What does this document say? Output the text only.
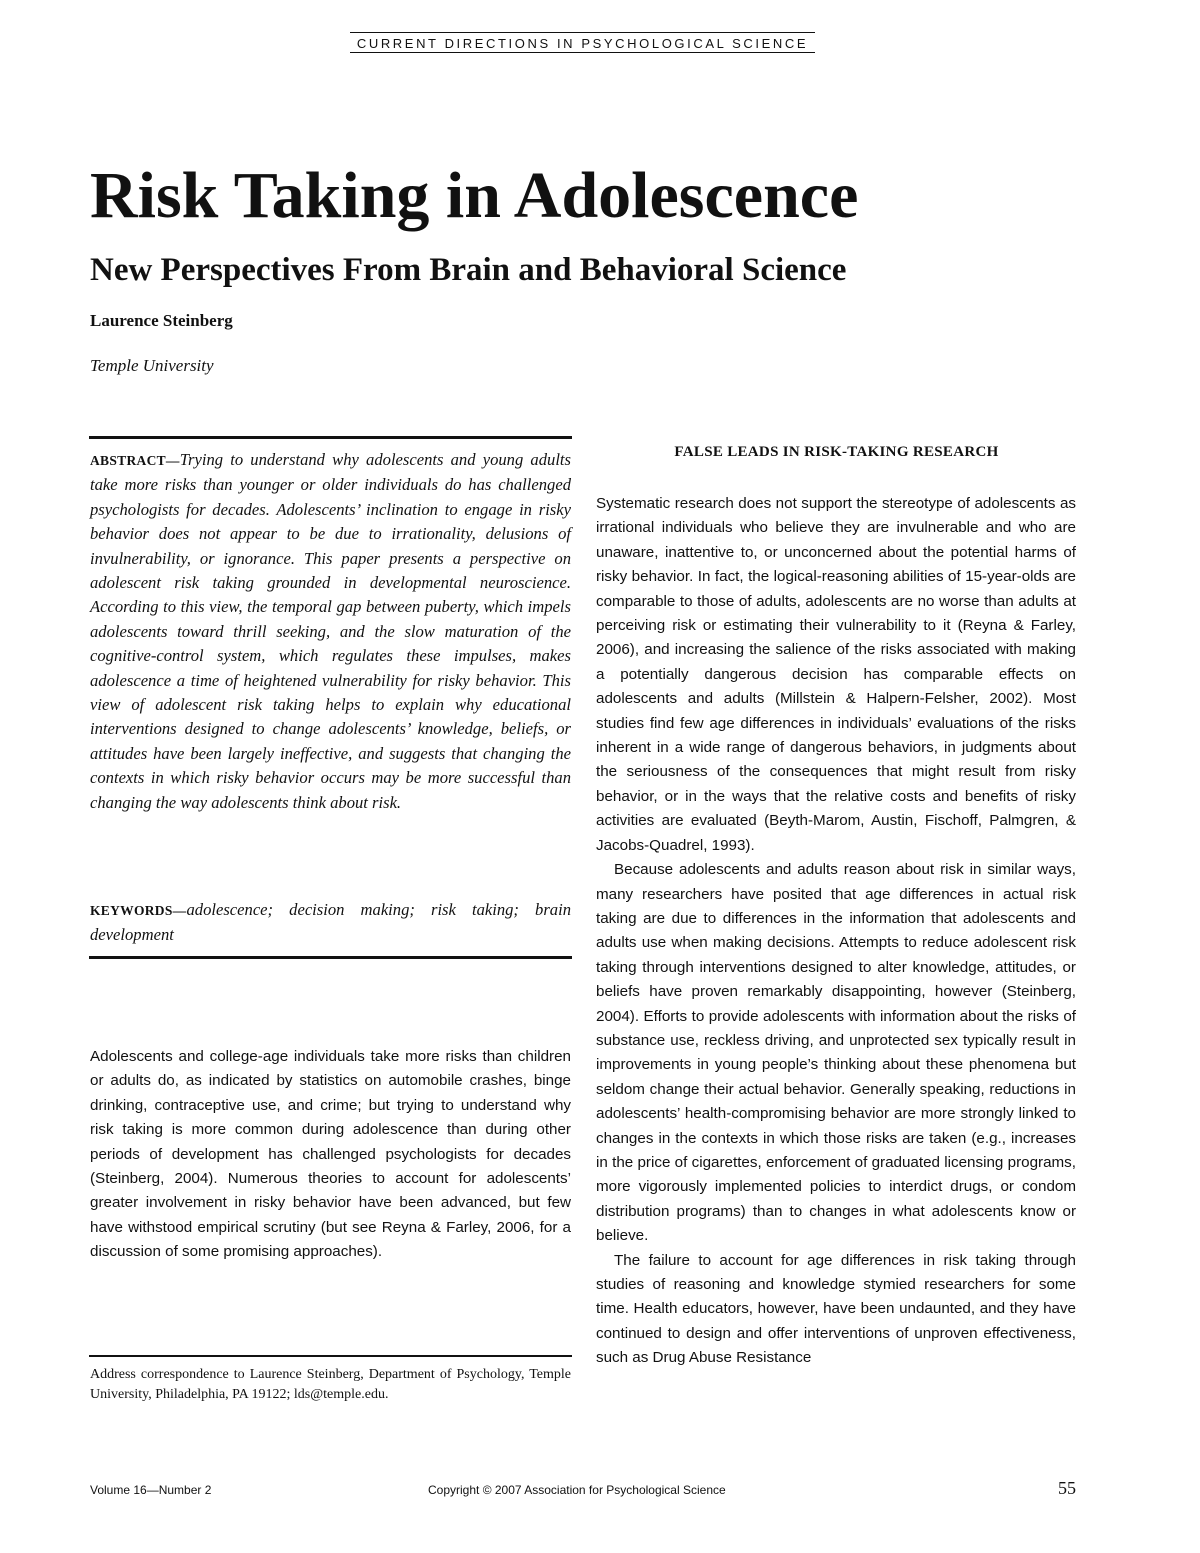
CURRENT DIRECTIONS IN PSYCHOLOGICAL SCIENCE
Risk Taking in Adolescence
New Perspectives From Brain and Behavioral Science
Laurence Steinberg
Temple University
ABSTRACT—Trying to understand why adolescents and young adults take more risks than younger or older individuals do has challenged psychologists for decades. Adolescents’ inclination to engage in risky behavior does not appear to be due to irrationality, delusions of invulnerability, or ignorance. This paper presents a perspective on adolescent risk taking grounded in developmental neuroscience. According to this view, the temporal gap between puberty, which impels adolescents toward thrill seeking, and the slow maturation of the cognitive-control system, which regulates these impulses, makes adolescence a time of heightened vulnerability for risky behavior. This view of adolescent risk taking helps to explain why educational interventions designed to change adolescents’ knowledge, beliefs, or attitudes have been largely ineffective, and suggests that changing the contexts in which risky behavior occurs may be more successful than changing the way adolescents think about risk.
KEYWORDS—adolescence; decision making; risk taking; brain development

Adolescents and college-age individuals take more risks than children or adults do, as indicated by statistics on automobile crashes, binge drinking, contraceptive use, and crime; but trying to understand why risk taking is more common during adolescence than during other periods of development has challenged psychologists for decades (Steinberg, 2004). Numerous theories to account for adolescents’ greater involvement in risky behavior have been advanced, but few have withstood empirical scrutiny (but see Reyna & Farley, 2006, for a discussion of some promising approaches).

FALSE LEADS IN RISK-TAKING RESEARCH

Systematic research does not support the stereotype of adolescents as irrational individuals who believe they are invulnerable and who are unaware, inattentive to, or unconcerned about the potential harms of risky behavior. In fact, the logical-reasoning abilities of 15-year-olds are comparable to those of adults, adolescents are no worse than adults at perceiving risk or estimating their vulnerability to it (Reyna & Farley, 2006), and increasing the salience of the risks associated with making a potentially dangerous decision has comparable effects on adolescents and adults (Millstein & Halpern-Felsher, 2002). Most studies find few age differences in individuals’ evaluations of the risks inherent in a wide range of dangerous behaviors, in judgments about the seriousness of the consequences that might result from risky behavior, or in the ways that the relative costs and benefits of risky activities are evaluated (Beyth-Marom, Austin, Fischoff, Palmgren, & Jacobs-Quadrel, 1993).

Because adolescents and adults reason about risk in similar ways, many researchers have posited that age differences in actual risk taking are due to differences in the information that adolescents and adults use when making decisions. Attempts to reduce adolescent risk taking through interventions designed to alter knowledge, attitudes, or beliefs have proven remarkably disappointing, however (Steinberg, 2004). Efforts to provide adolescents with information about the risks of substance use, reckless driving, and unprotected sex typically result in improvements in young people’s thinking about these phenomena but seldom change their actual behavior. Generally speaking, reductions in adolescents’ health-compromising behavior are more strongly linked to changes in the contexts in which those risks are taken (e.g., increases in the price of cigarettes, enforcement of graduated licensing programs, more vigorously implemented policies to interdict drugs, or condom distribution programs) than to changes in what adolescents know or believe.

The failure to account for age differences in risk taking through studies of reasoning and knowledge stymied researchers for some time. Health educators, however, have been undaunted, and they have continued to design and offer interventions of unproven effectiveness, such as Drug Abuse Resistance

Address correspondence to Laurence Steinberg, Department of Psychology, Temple University, Philadelphia, PA 19122; lds@temple.edu.
Volume 16—Number 2	Copyright © 2007 Association for Psychological Science	55
